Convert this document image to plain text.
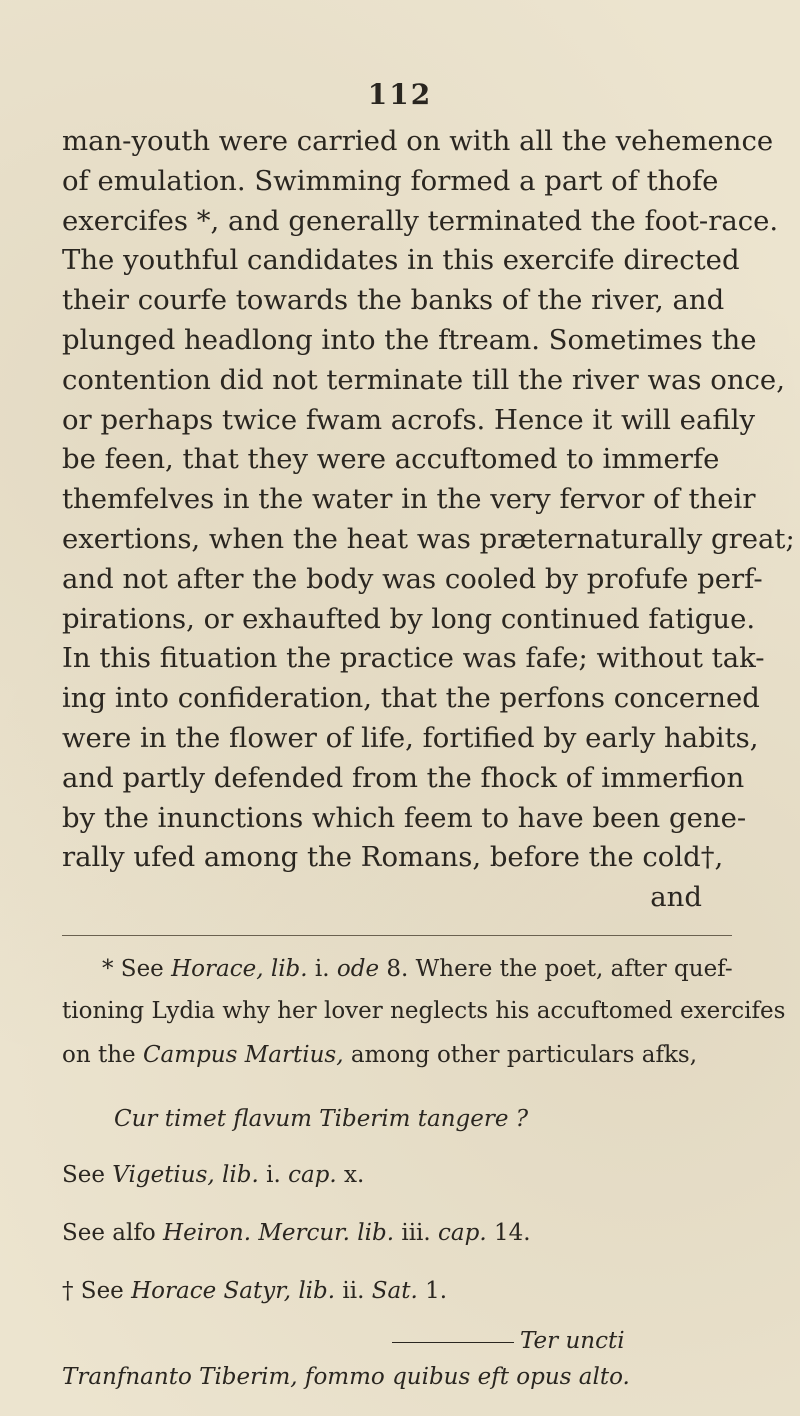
112
man-youth were carried on with all the vehemence
of emulation. Swimming formed a part of thofe
exercifes *, and generally terminated the foot-race.
The youthful candidates in this exercife directed
their courfe towards the banks of the river, and
plunged headlong into the ftream. Sometimes the
contention did not terminate till the river was once,
or perhaps twice fwam acrofs. Hence it will eafily
be feen, that they were accuftomed to immerfe
themfelves in the water in the very fervor of their
exertions, when the heat was præternaturally great;
and not after the body was cooled by profufe perf-
pirations, or exhaufted by long continued fatigue.
In this fituation the practice was fafe; without tak-
ing into confideration, that the perfons concerned
were in the flower of life, fortified by early habits,
and partly defended from the fhock of immerfion
by the inunctions which feem to have been gene-
rally ufed among the Romans, before the cold†,
and
* See Horace, lib. i. ode 8. Where the poet, after quef-
tioning Lydia why her lover neglects his accuftomed exercifes
on the Campus Martius, among other particulars afks,
Cur timet flavum Tiberim tangere ?
See Vigetius, lib. i. cap. x.
See alfo Heiron. Mercur. lib. iii. cap. 14.
† See Horace Satyr, lib. ii. Sat. 1.
Ter uncti
Tranfnanto Tiberim, fommo quibus eft opus alto.
